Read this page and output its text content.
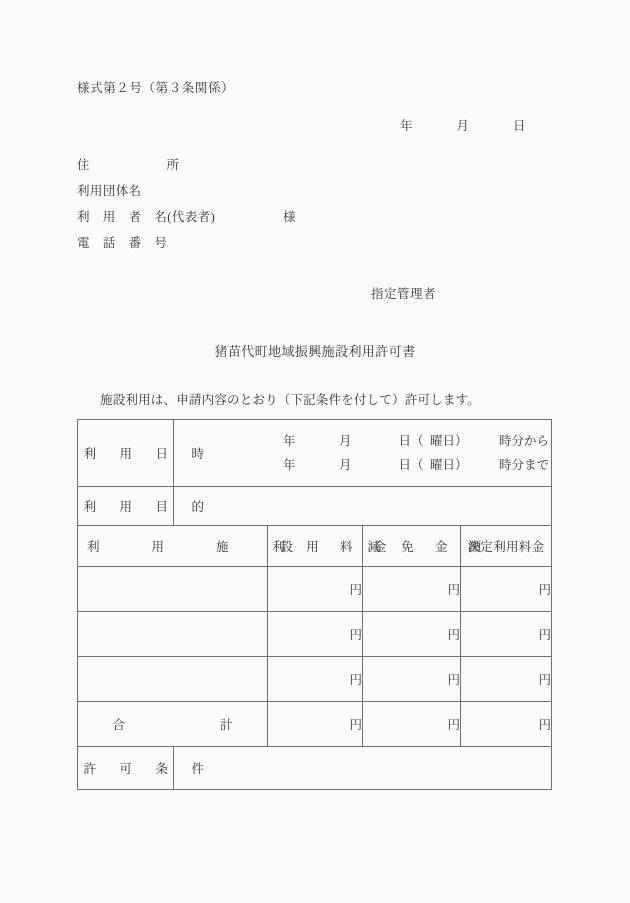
様式第２号（第３条関係）
年	月	日
住　　　　所
利用団体名
利　用　者　名(代表者)	様
電　話　番　号
指定管理者
猪苗代町地域振興施設利用許可書
施設利用は、申請内容のとおり（下記条件を付して）許可します。
利　用　日　時	年 月 日（ 曜日） 時分から
年 月 日（ 曜日） 時分まで			

利　用　目　的				
利　　用　　施　　設		利　用　料　金	減　免　金　額	決定利用料金
		円	円	円
		円	円	円
		円	円	円
合　　　　計		円	円	円
許　可　条　件				
